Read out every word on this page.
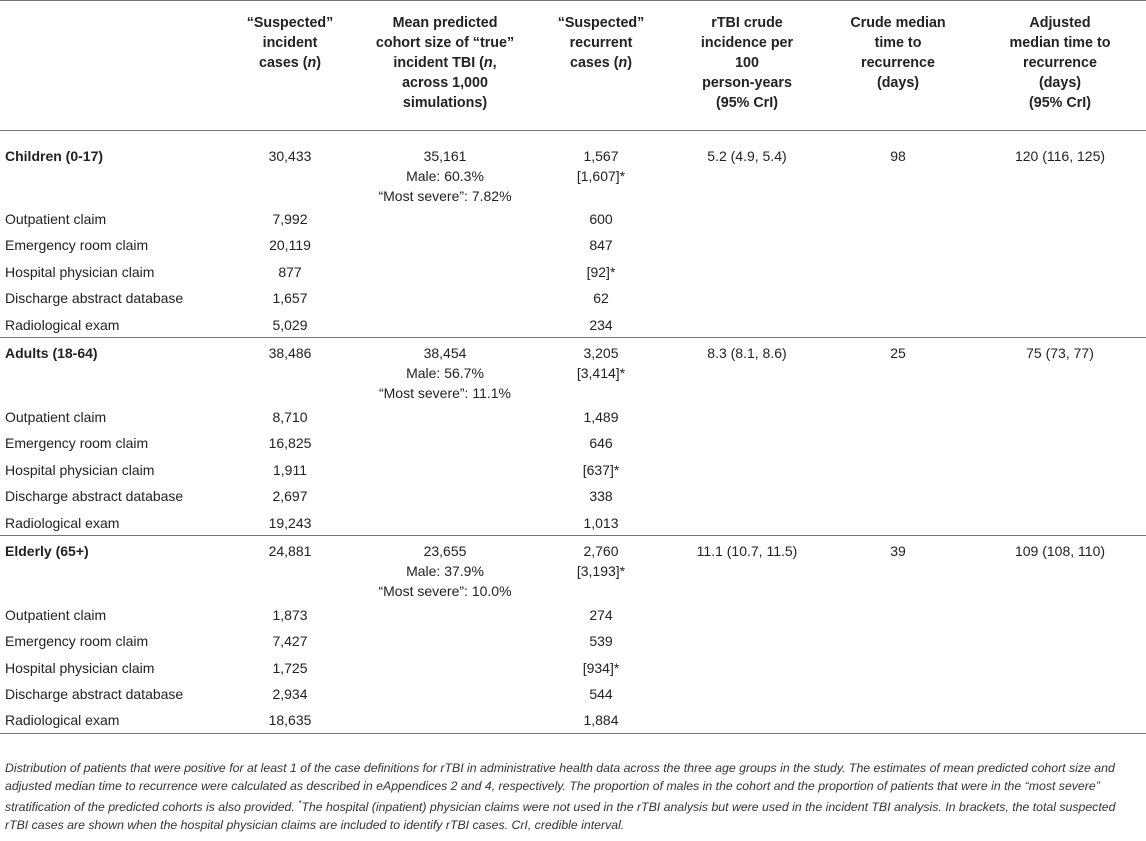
	“Suspected”
incident
cases (n)	Mean predicted
cohort size of “true”
incident TBI (n,
across 1,000
simulations)	“Suspected”
recurrent
cases (n)	rTBI crude
incidence per
100
person-years
(95% CrI)	Crude median
time to
recurrence
(days)	Adjusted
median time to
recurrence
(days)
(95% CrI)
Children (0-17)	30,433	35,161
Male: 60.3%
“Most severe”: 7.82%	1,567
[1,607]*	5.2 (4.9, 5.4)	98	120 (116, 125)
Outpatient claim	7,992		600			
Emergency room claim	20,119		847			
Hospital physician claim	877		[92]*			
Discharge abstract database	1,657		62			
Radiological exam	5,029		234			
Adults (18-64)	38,486	38,454
Male: 56.7%
“Most severe”: 11.1%	3,205
[3,414]*	8.3 (8.1, 8.6)	25	75 (73, 77)
Outpatient claim	8,710		1,489			
Emergency room claim	16,825		646			
Hospital physician claim	1,911		[637]*			
Discharge abstract database	2,697		338			
Radiological exam	19,243		1,013			
Elderly (65+)	24,881	23,655
Male: 37.9%
“Most severe”: 10.0%	2,760
[3,193]*	11.1 (10.7, 11.5)	39	109 (108, 110)
Outpatient claim	1,873		274			
Emergency room claim	7,427		539			
Hospital physician claim	1,725		[934]*			
Discharge abstract database	2,934		544			
Radiological exam	18,635		1,884			

Distribution of patients that were positive for at least 1 of the case definitions for rTBI in administrative health data across the three age groups in the study. The estimates of mean predicted cohort size and adjusted median time to recurrence were calculated as described in eAppendices 2 and 4, respectively. The proportion of males in the cohort and the proportion of patients that were in the “most severe” stratification of the predicted cohorts is also provided. *The hospital (inpatient) physician claims were not used in the rTBI analysis but were used in the incident TBI analysis. In brackets, the total suspected rTBI cases are shown when the hospital physician claims are included to identify rTBI cases. CrI, credible interval.
